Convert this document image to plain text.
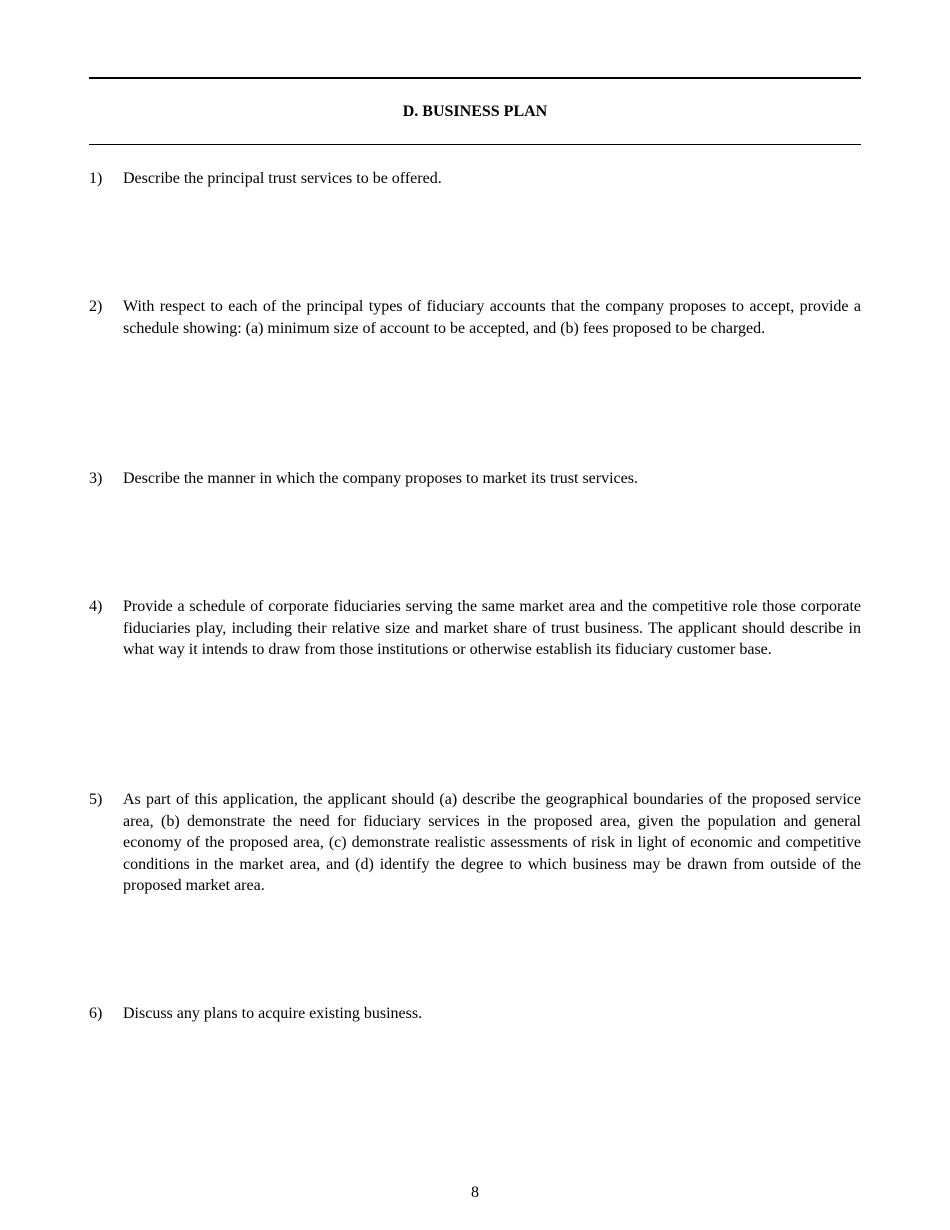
D. BUSINESS PLAN
1)	Describe the principal trust services to be offered.
2)	With respect to each of the principal types of fiduciary accounts that the company proposes to accept, provide a schedule showing: (a) minimum size of account to be accepted, and (b) fees proposed to be charged.
3)	Describe the manner in which the company proposes to market its trust services.
4)	Provide a schedule of corporate fiduciaries serving the same market area and the competitive role those corporate fiduciaries play, including their relative size and market share of trust business. The applicant should describe in what way it intends to draw from those institutions or otherwise establish its fiduciary customer base.
5)	As part of this application, the applicant should (a) describe the geographical boundaries of the proposed service area, (b) demonstrate the need for fiduciary services in the proposed area, given the population and general economy of the proposed area, (c) demonstrate realistic assessments of risk in light of economic and competitive conditions in the market area, and (d) identify the degree to which business may be drawn from outside of the proposed market area.
6)	Discuss any plans to acquire existing business.
8
